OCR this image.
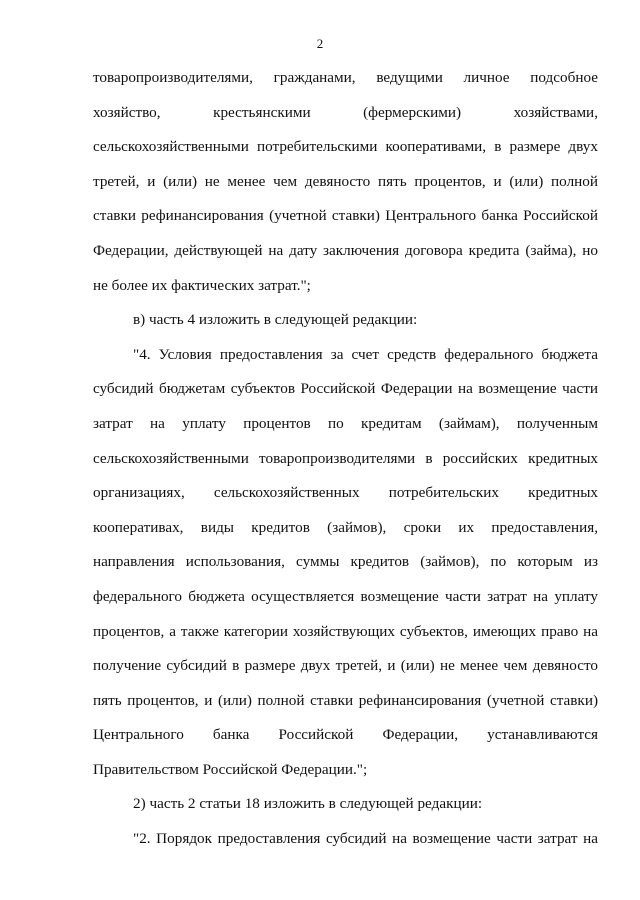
2
товаропроизводителями, гражданами, ведущими личное подсобное
хозяйство, крестьянскими (фермерскими) хозяйствами,
сельскохозяйственными потребительскими кооперативами, в размере двух
третей, и (или) не менее чем девяносто пять процентов, и (или) полной
ставки рефинансирования (учетной ставки) Центрального банка Российской
Федерации, действующей на дату заключения договора кредита (займа), но
не более их фактических затрат.";
в) часть 4 изложить в следующей редакции:
"4. Условия предоставления за счет средств федерального бюджета
субсидий бюджетам субъектов Российской Федерации на возмещение части
затрат на уплату процентов по кредитам (займам), полученным
сельскохозяйственными товаропроизводителями в российских кредитных
организациях, сельскохозяйственных потребительских кредитных
кооперативах, виды кредитов (займов), сроки их предоставления,
направления использования, суммы кредитов (займов), по которым из
федерального бюджета осуществляется возмещение части затрат на уплату
процентов, а также категории хозяйствующих субъектов, имеющих право на
получение субсидий в размере двух третей, и (или) не менее чем девяносто
пять процентов, и (или) полной ставки рефинансирования (учетной ставки)
Центрального банка Российской Федерации, устанавливаются
Правительством Российской Федерации.";
2) часть 2 статьи 18 изложить в следующей редакции:
"2. Порядок предоставления субсидий на возмещение части затрат на
